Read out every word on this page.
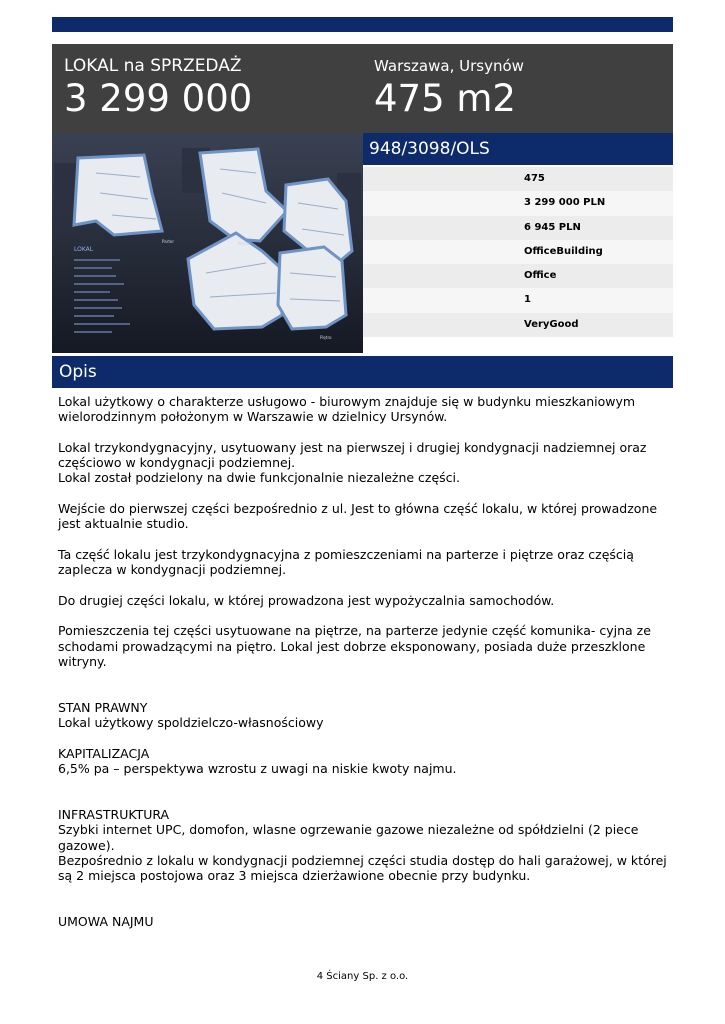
LOKAL na SPRZEDAŻ
3 299 000
Warszawa, Ursynów
475 m2
Parter	Piętro
Piętro
LOKAL
948/3098/OLS
475
3 299 000 PLN
6 945 PLN
OfficeBuilding
Office
1
VeryGood
Opis

Lokal użytkowy o charakterze usługowo - biurowym znajduje się w budynku mieszkaniowym wielorodzinnym położonym w Warszawie w dzielnicy Ursynów.

Lokal trzykondygnacyjny, usytuowany jest na pierwszej i drugiej kondygnacji nadziemnej oraz częściowo w kondygnacji podziemnej.

Lokal został podzielony na dwie funkcjonalnie niezależne części.

Wejście do pierwszej części bezpośrednio z ul. Jest to główna część lokalu, w której prowadzone jest aktualnie studio.

Ta część lokalu jest trzykondygnacyjna z pomieszczeniami na parterze i piętrze oraz częścią zaplecza w kondygnacji podziemnej.

Do drugiej części lokalu, w której prowadzona jest wypożyczalnia samochodów.

Pomieszczenia tej części usytuowane na piętrze, na parterze jedynie część komunika- cyjna ze schodami prowadzącymi na piętro. Lokal jest dobrze eksponowany, posiada duże przeszklone witryny.

STAN PRAWNY

Lokal użytkowy spoldzielczo-własnościowy

KAPITALIZACJA

6,5% pa – perspektywa wzrostu z uwagi na niskie kwoty najmu.

INFRASTRUKTURA

Szybki internet UPC, domofon, wlasne ogrzewanie gazowe niezależne od spółdzielni (2 piece gazowe).

Bezpośrednio z lokalu w kondygnacji podziemnej części studia dostęp do hali garażowej, w której są 2 miejsca postojowa oraz 3 miejsca dzierżawione obecnie przy budynku.

UMOWA NAJMU

4 Ściany Sp. z o.o.
